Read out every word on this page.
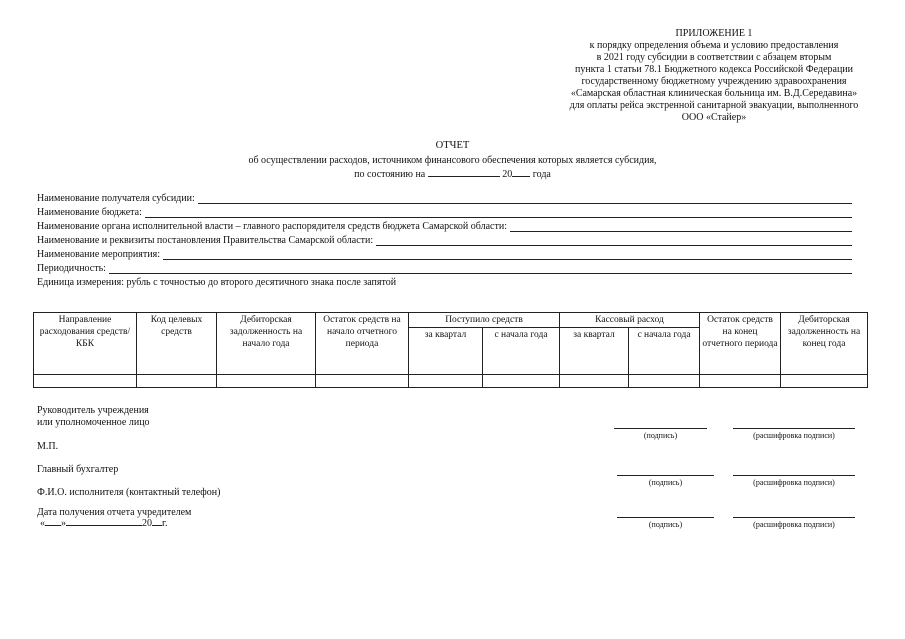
ПРИЛОЖЕНИЕ 1
к порядку определения объема и условию предоставления
в 2021 году субсидии в соответствии с абзацем вторым
пункта 1 статьи 78.1 Бюджетного кодекса Российской Федерации
государственному бюджетному учреждению здравоохранения
«Самарская областная клиническая больница им. В.Д.Середавина»
для оплаты рейса экстренной санитарной эвакуации, выполненного
ООО «Стайер»
ОТЧЕТ
об осуществлении расходов, источником финансового обеспечения которых является субсидия,
по состоянию на	20 года
Наименование получателя субсидии:
Наименование бюджета:
Наименование органа исполнительной власти – главного распорядителя средств бюджета Самарской области:
Наименование и реквизиты постановления Правительства Самарской области:
Наименование мероприятия:
Периодичность:
Единица измерения: рубль с точностью до второго десятичного знака после запятой
Направление расходования средств/КБК	Код целевых средств	Дебиторская задолженность на начало года	Остаток средств на начало отчетного периода	Поступило средств		Кассовый расход		Остаток средств на конец отчетного периода	Дебиторская задолженность на конец года
				за квартал	с начала года	за квартал	с начала года		

Руководитель учреждения
или уполномоченное лицо
(подпись)	(расшифровка подписи)
М.П.
Главный бухгалтер
(подпись)	(расшифровка подписи)
Ф.И.О. исполнителя (контактный телефон)
Дата получения отчета учредителем
« »	20 г.	(подпись)	(расшифровка подписи)
